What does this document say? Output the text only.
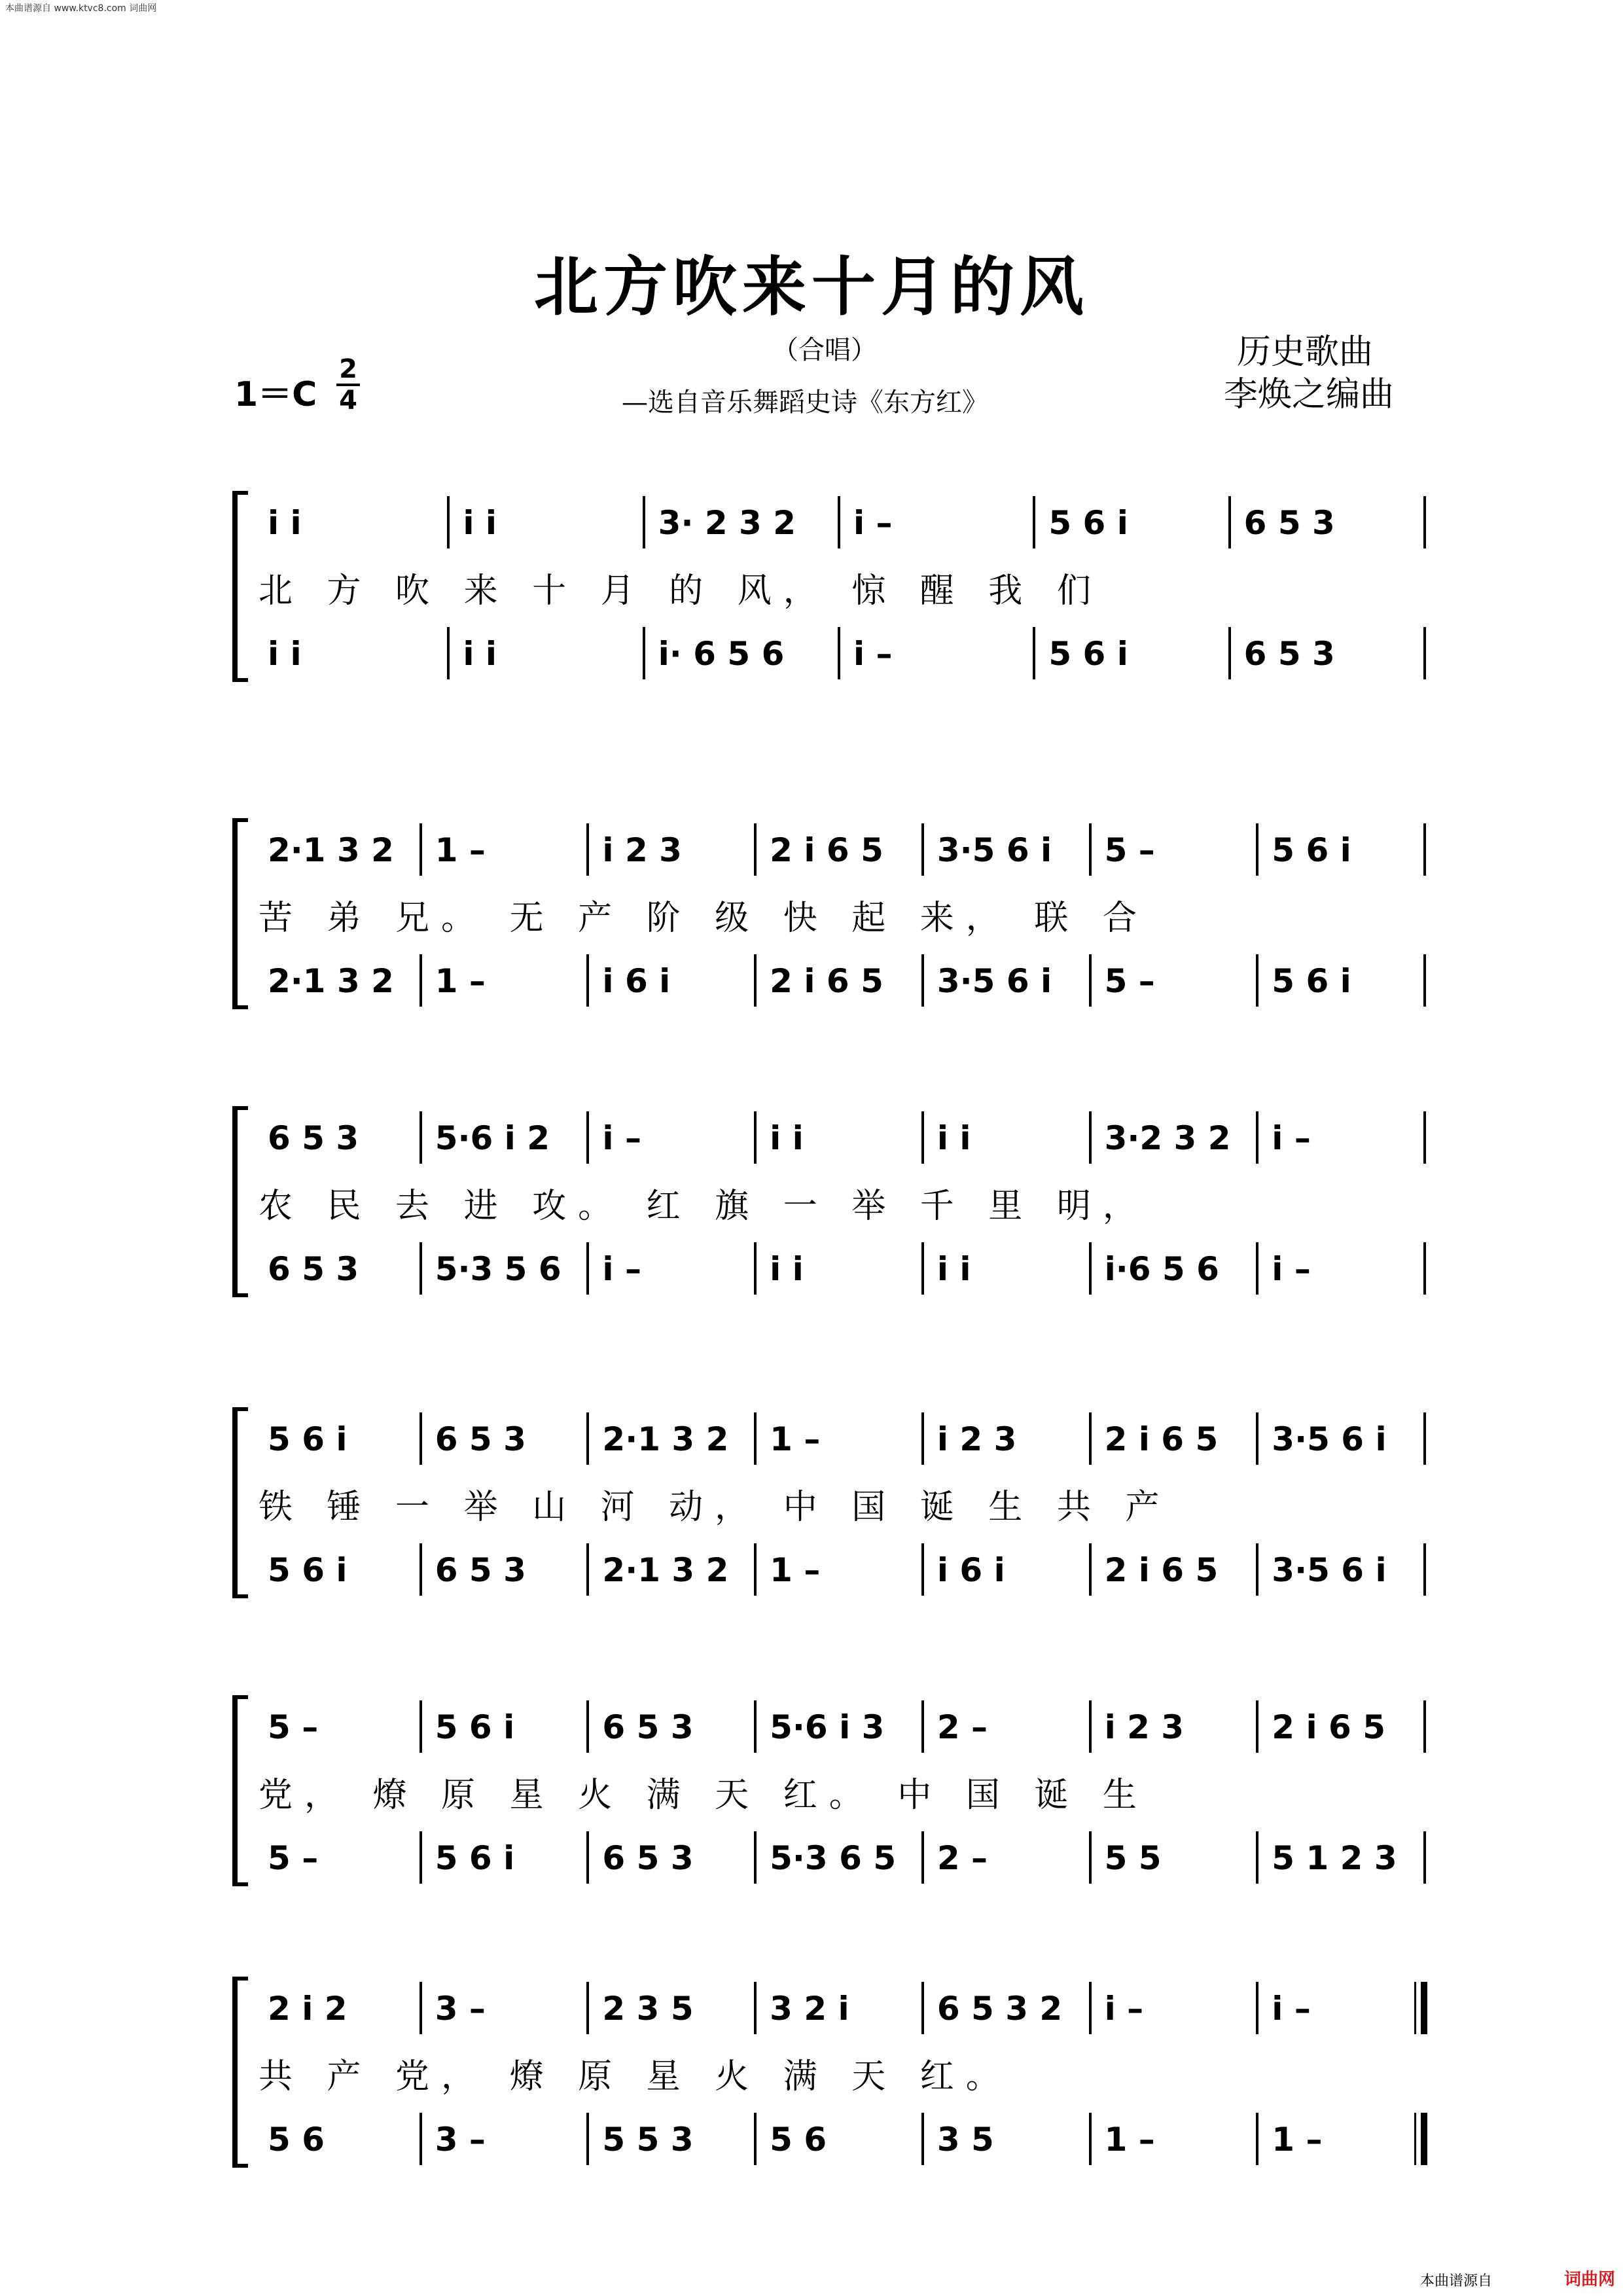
本曲谱源自 www.ktvc8.com 词曲网
北方吹来十月的风
（合唱）
—选自音乐舞蹈史诗《东方红》
历史歌曲
李焕之编曲
1＝C
2
4
i i	i i	3· 2 3 2	i –	5 6 i	6 5 3
北 方 吹 来 十 月 的 风， 惊 醒 我 们
i i	i i	i· 6 5 6	i –	5 6 i	6 5 3
2·1 3 2	1 –	i 2 3	2 i 6 5	3·5 6 i	5 –	5 6 i
苦 弟 兄。 无 产 阶 级 快 起 来， 联 合
2·1 3 2	1 –	i 6 i	2 i 6 5	3·5 6 i	5 –	5 6 i
6 5 3	5·6 i 2	i –	i i	i i	3·2 3 2	i –
农 民 去 进 攻。 红 旗 一 举 千 里 明，
6 5 3	5·3 5 6	i –	i i	i i	i·6 5 6	i –
5 6 i	6 5 3	2·1 3 2	1 –	i 2 3	2 i 6 5	3·5 6 i
铁 锤 一 举 山 河 动， 中 国 诞 生 共 产
5 6 i	6 5 3	2·1 3 2	1 –	i 6 i	2 i 6 5	3·5 6 i
5 –	5 6 i	6 5 3	5·6 i 3	2 –	i 2 3	2 i 6 5
党， 燎 原 星 火 满 天 红。 中 国 诞 生
5 –	5 6 i	6 5 3	5·3 6 5	2 –	5 5	5 1 2 3
2 i 2	3 –	2 3 5	3 2 i	6 5 3 2	i –	i –
共 产 党， 燎 原 星 火 满 天 红。
5 6	3 –	5 5 3	5 6	3 5	1 –	1 –
本曲谱源自	词曲网
